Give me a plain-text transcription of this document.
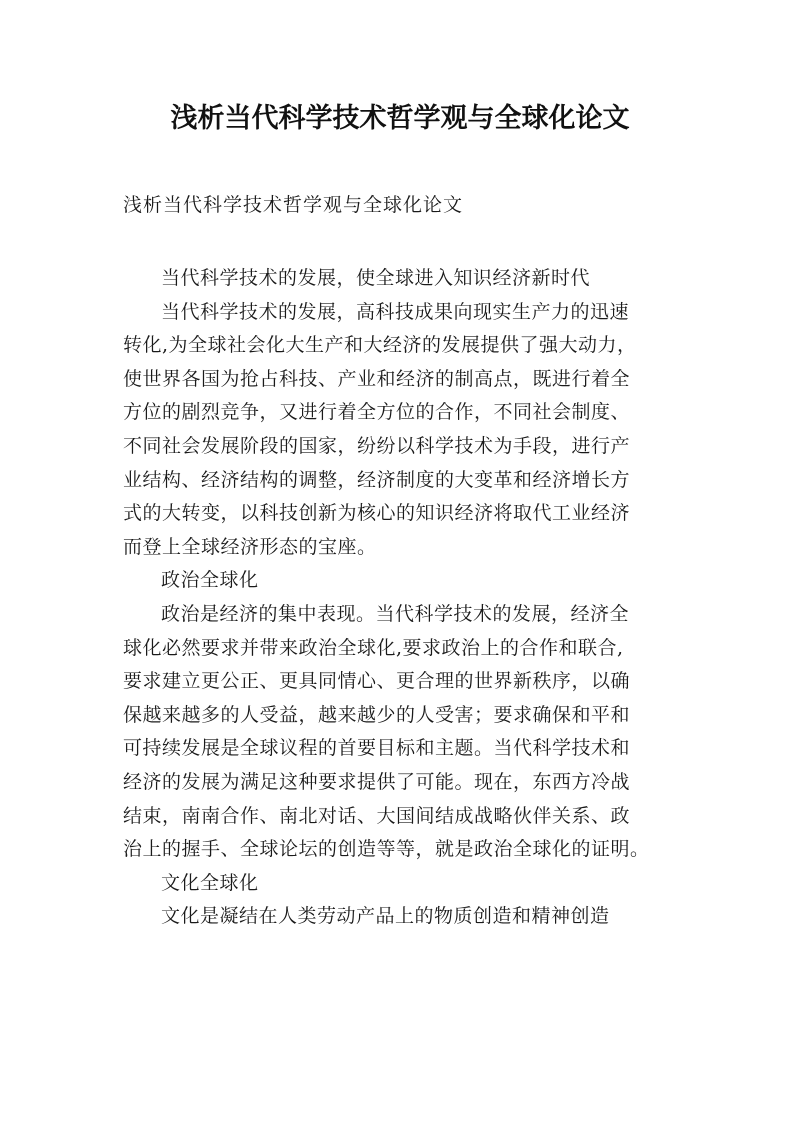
浅析当代科学技术哲学观与全球化论文
浅析当代科学技术哲学观与全球化论文
当代科学技术的发展，使全球进入知识经济新时代
当代科学技术的发展，高科技成果向现实生产力的迅速
转化,为全球社会化大生产和大经济的发展提供了强大动力，
使世界各国为抢占科技、产业和经济的制高点，既进行着全
方位的剧烈竞争，又进行着全方位的合作，不同社会制度、
不同社会发展阶段的国家，纷纷以科学技术为手段，进行产
业结构、经济结构的调整，经济制度的大变革和经济增长方
式的大转变，以科技创新为核心的知识经济将取代工业经济
而登上全球经济形态的宝座。
政治全球化
政治是经济的集中表现。当代科学技术的发展，经济全
球化必然要求并带来政治全球化,要求政治上的合作和联合,
要求建立更公正、更具同情心、更合理的世界新秩序，以确
保越来越多的人受益，越来越少的人受害；要求确保和平和
可持续发展是全球议程的首要目标和主题。当代科学技术和
经济的发展为满足这种要求提供了可能。现在，东西方冷战
结束，南南合作、南北对话、大国间结成战略伙伴关系、政
治上的握手、全球论坛的创造等等，就是政治全球化的证明。
文化全球化
文化是凝结在人类劳动产品上的物质创造和精神创造
